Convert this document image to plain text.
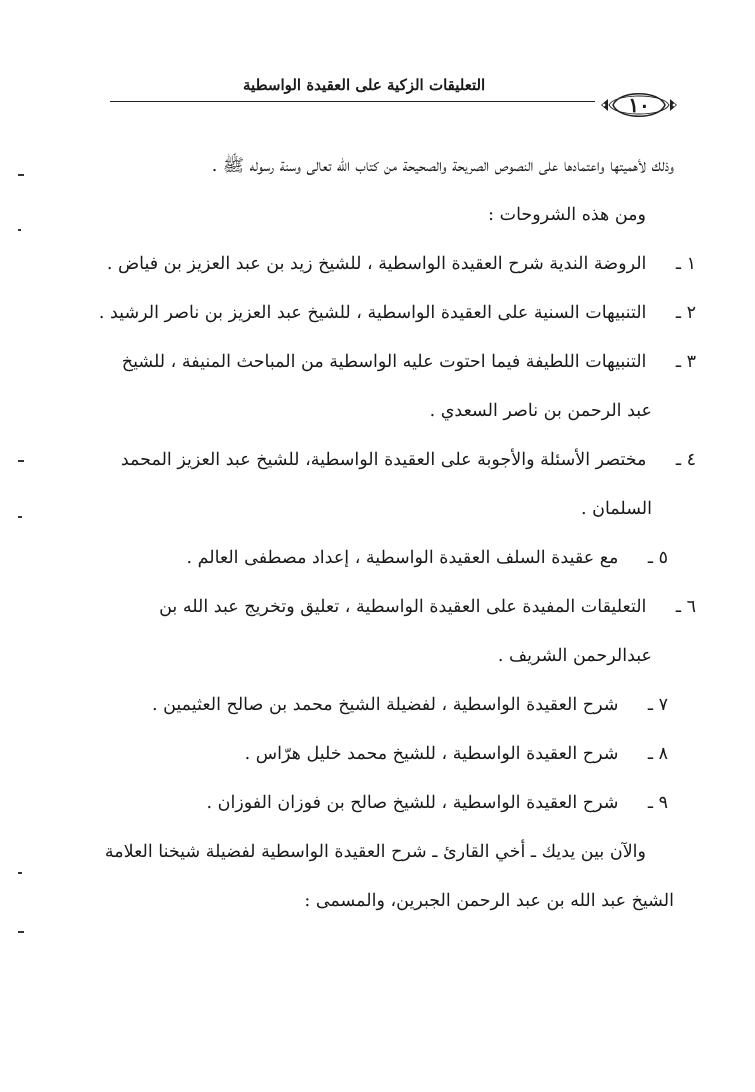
التعليقات الزكية على العقيدة الواسطية
١٠

وذلك لأهميتها واعتمادها على النصوص الصريحة والصحيحة من كتاب الله تعالى وسنة رسوله ﷺ .

ومن هذه الشروحات :

١ ـ الروضة الندية شرح العقيدة الواسطية ، للشيخ زيد بن عبد العزيز بن فياض .

٢ ـ التنبيهات السنية على العقيدة الواسطية ، للشيخ عبد العزيز بن ناصر الرشيد .

٣ ـ التنبيهات اللطيفة فيما احتوت عليه الواسطية من المباحث المنيفة ، للشيخ عبد الرحمن بن ناصر السعدي .

٤ ـ مختصر الأسئلة والأجوبة على العقيدة الواسطية، للشيخ عبد العزيز المحمد السلمان .

٥ ـ مع عقيدة السلف العقيدة الواسطية ، إعداد مصطفى العالم .

٦ ـ التعليقات المفيدة على العقيدة الواسطية ، تعليق وتخريج عبد الله بن عبدالرحمن الشريف .

٧ ـ شرح العقيدة الواسطية ، لفضيلة الشيخ محمد بن صالح العثيمين .

٨ ـ شرح العقيدة الواسطية ، للشيخ محمد خليل هرّاس .

٩ ـ شرح العقيدة الواسطية ، للشيخ صالح بن فوزان الفوزان .

والآن بين يديك ـ أخي القارئ ـ شرح العقيدة الواسطية لفضيلة شيخنا العلامة الشيخ عبد الله بن عبد الرحمن الجبرين، والمسمى :
